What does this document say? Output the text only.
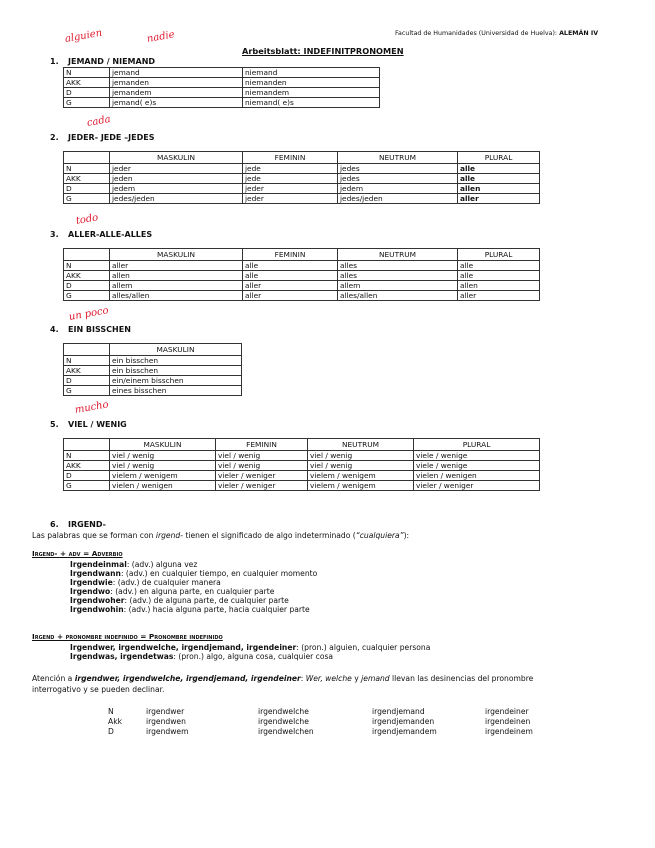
Facultad de Humanidades (Universidad de Huelva): ALEMÁN IV
Arbeitsblatt: INDEFINITPRONOMEN
alguien	nadie
cada
todo
un poco
mucho
1. JEMAND / NIEMAND
N	jemand	niemand
AKK	jemanden	niemanden
D	jemandem	niemandem
G	jemand( e)s	niemand( e)s
2. JEDER- JEDE –JEDES
	MASKULIN	FEMININ	NEUTRUM	PLURAL
N	jeder	jede	jedes	alle
AKK	jeden	jede	jedes	alle
D	jedem	jeder	jedem	allen
G	jedes/jeden	jeder	jedes/jeden	aller
3. ALLER-ALLE-ALLES
	MASKULIN	FEMININ	NEUTRUM	PLURAL
N	aller	alle	alles	alle
AKK	allen	alle	alles	alle
D	allem	aller	allem	allen
G	alles/allen	aller	alles/allen	aller
4. EIN BISSCHEN
	MASKULIN
N	ein bisschen
AKK	ein bisschen
D	ein/einem bisschen
G	eines bisschen
5. VIEL / WENIG
	MASKULIN	FEMININ	NEUTRUM	PLURAL
N	viel / wenig	viel / wenig	viel / wenig	viele / wenige
AKK	viel / wenig	viel / wenig	viel / wenig	viele / wenige
D	vielem / wenigem	vieler / weniger	vielem / wenigem	vielen / wenigen
G	vielen / wenigen	vieler / weniger	vielem / wenigem	vieler / weniger
6. IRGEND-
Las palabras que se forman con irgend- tienen el significado de algo indeterminado (“cualquiera”):
Irgend- + adv = Adverbio
Irgendeinmal: (adv.) alguna vez
Irgendwann: (adv.) en cualquier tiempo, en cualquier momento
Irgendwie: (adv.) de cualquier manera
Irgendwo: (adv.) en alguna parte, en cualquier parte
Irgendwoher: (adv.) de alguna parte, de cualquier parte
Irgendwohin: (adv.) hacia alguna parte, hacia cualquier parte
Irgend + pronombre indefinido = Pronombre indefinido
Irgendwer, irgendwelche, irgendjemand, irgendeiner: (pron.) alguien, cualquier persona
Irgendwas, irgendetwas: (pron.) algo, alguna cosa, cualquier cosa
Atención a irgendwer, irgendwelche, irgendjemand, irgendeiner: Wer, welche y jemand llevan las desinencias del pronombre
interrogativo y se pueden declinar.
N	irgendwer	irgendwelche	irgendjemand	irgendeiner
Akk	irgendwen	irgendwelche	irgendjemanden	irgendeinen
D	irgendwem	irgendwelchen	irgendjemandem	irgendeinem
